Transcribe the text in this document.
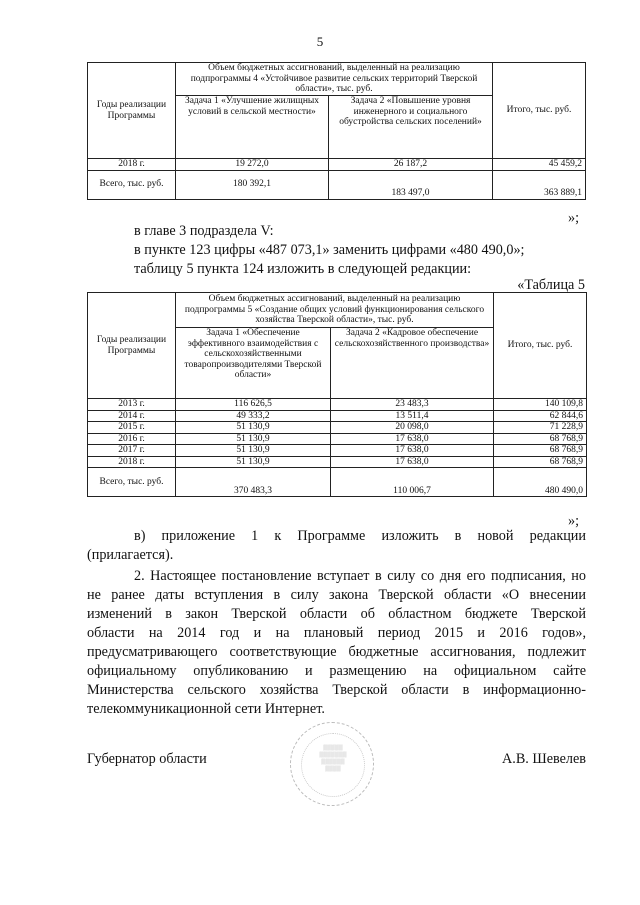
5
Годы реализации Программы	Объем бюджетных ассигнований, выделенный на реализацию подпрограммы 4 «Устойчивое развитие сельских территорий Тверской области», тыс. руб.		Итого, тыс. руб.
	Задача 1 «Улучшение жилищных условий в сельской местности»	Задача 2 «Повышение уровня инженерного и социального обустройства сельских поселений»	
2018 г.	19 272,0	26 187,2	45 459,2
Всего, тыс. руб.	180 392,1	183 497,0	363 889,1
»;
в главе 3 подраздела V:
в пункте 123 цифры «487 073,1» заменить цифрами «480 490,0»;
таблицу 5 пункта 124 изложить в следующей редакции:
«Таблица 5
Годы реализации Программы	Объем бюджетных ассигнований, выделенный на реализацию подпрограммы 5 «Создание общих условий функционирования сельского хозяйства Тверской области», тыс. руб.		Итого, тыс. руб.
	Задача 1 «Обеспечение эффективного взаимодействия с сельскохозяйственными товаропроизводителями Тверской области»	Задача 2 «Кадровое обеспечение сельскохозяйственного производства»	
2013 г.	116 626,5	23 483,3	140 109,8
2014 г.	49 333,2	13 511,4	62 844,6
2015 г.	51 130,9	20 098,0	71 228,9
2016 г.	51 130,9	17 638,0	68 768,9
2017 г.	51 130,9	17 638,0	68 768,9
2018 г.	51 130,9	17 638,0	68 768,9
Всего, тыс. руб.	370 483,3	110 006,7	480 490,0
»;
в) приложение 1 к Программе изложить в новой редакции
(прилагается).
2. Настоящее постановление вступает в силу со дня его подписания, но
не ранее даты вступления в силу закона Тверской области «О внесении
изменений в закон Тверской области об областном бюджете Тверской
области на 2014 год и на плановый период 2015 и 2016 годов»,
предусматривающего соответствующие бюджетные ассигнования, подлежит
официальному опубликованию и размещению на официальном сайте
Министерства сельского хозяйства Тверской области в информационно-
телекоммуникационной сети Интернет.
▒▒▒▒▒
▒▒▒▒▒▒▒
▒▒▒▒▒▒
▒▒▒▒
Губернатор области	А.В. Шевелев
